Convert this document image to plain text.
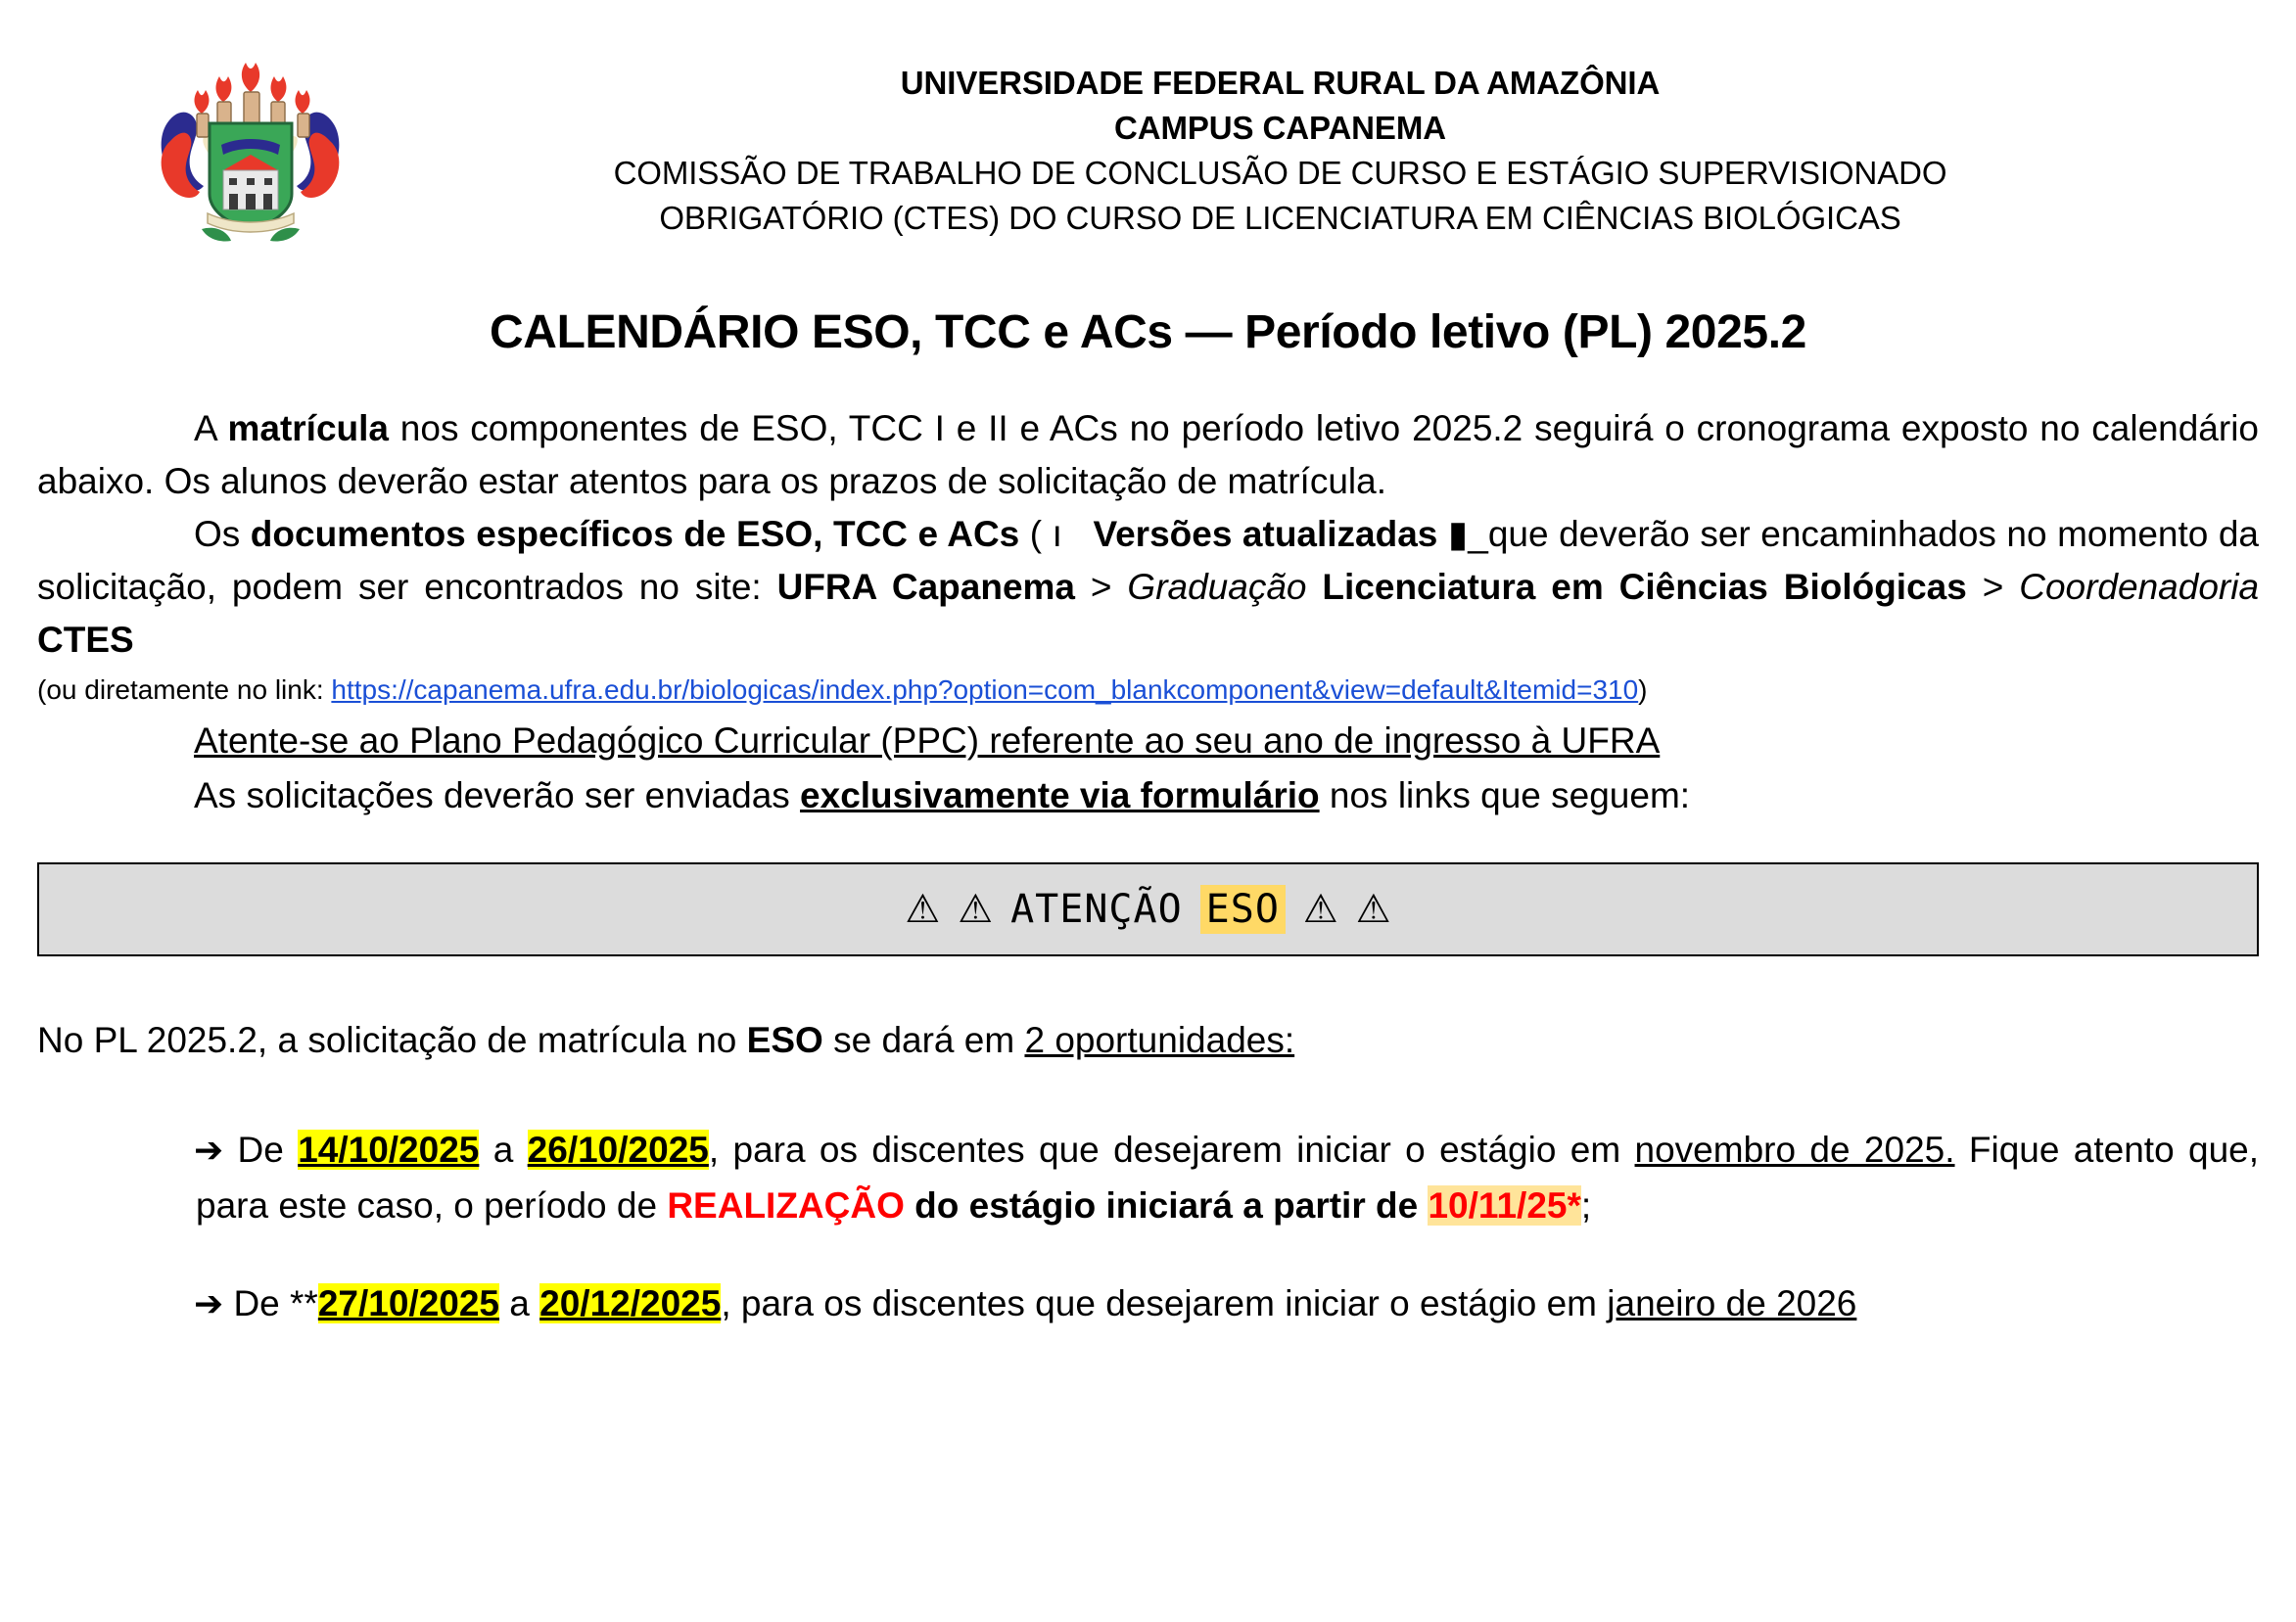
UNIVERSIDADE FEDERAL RURAL DA AMAZÔNIA
CAMPUS CAPANEMA
COMISSÃO DE TRABALHO DE CONCLUSÃO DE CURSO E ESTÁGIO SUPERVISIONADO
OBRIGATÓRIO (CTES) DO CURSO DE LICENCIATURA EM CIÊNCIAS BIOLÓGICAS
CALENDÁRIO ESO, TCC e ACs — Período letivo (PL) 2025.2

A matrícula nos componentes de ESO, TCC I e II e ACs no período letivo 2025.2 seguirá o cronograma exposto no calendário abaixo. Os alunos deverão estar atentos para os prazos de solicitação de matrícula.

Os documentos específicos de ESO, TCC e ACs ( ı Versões atualizadas ▮_que deverão ser encaminhados no momento da solicitação, podem ser encontrados no site: UFRA Capanema > Graduação Licenciatura em Ciências Biológicas > Coordenadoria CTES

(ou diretamente no link: https://capanema.ufra.edu.br/biologicas/index.php?option=com_blankcomponent&view=default&Itemid=310)

Atente-se ao Plano Pedagógico Curricular (PPC) referente ao seu ano de ingresso à UFRA

As solicitações deverão ser enviadas exclusivamente via formulário nos links que seguem:

⚠ ⚠ ATENÇÃO ESO ⚠ ⚠

No PL 2025.2, a solicitação de matrícula no ESO se dará em 2 oportunidades:

➔ De 14/10/2025 a 26/10/2025, para os discentes que desejarem iniciar o estágio em novembro de 2025. Fique atento que, para este caso, o período de REALIZAÇÃO do estágio iniciará a partir de 10/11/25*;

➔ De **27/10/2025 a 20/12/2025, para os discentes que desejarem iniciar o estágio em janeiro de 2026
